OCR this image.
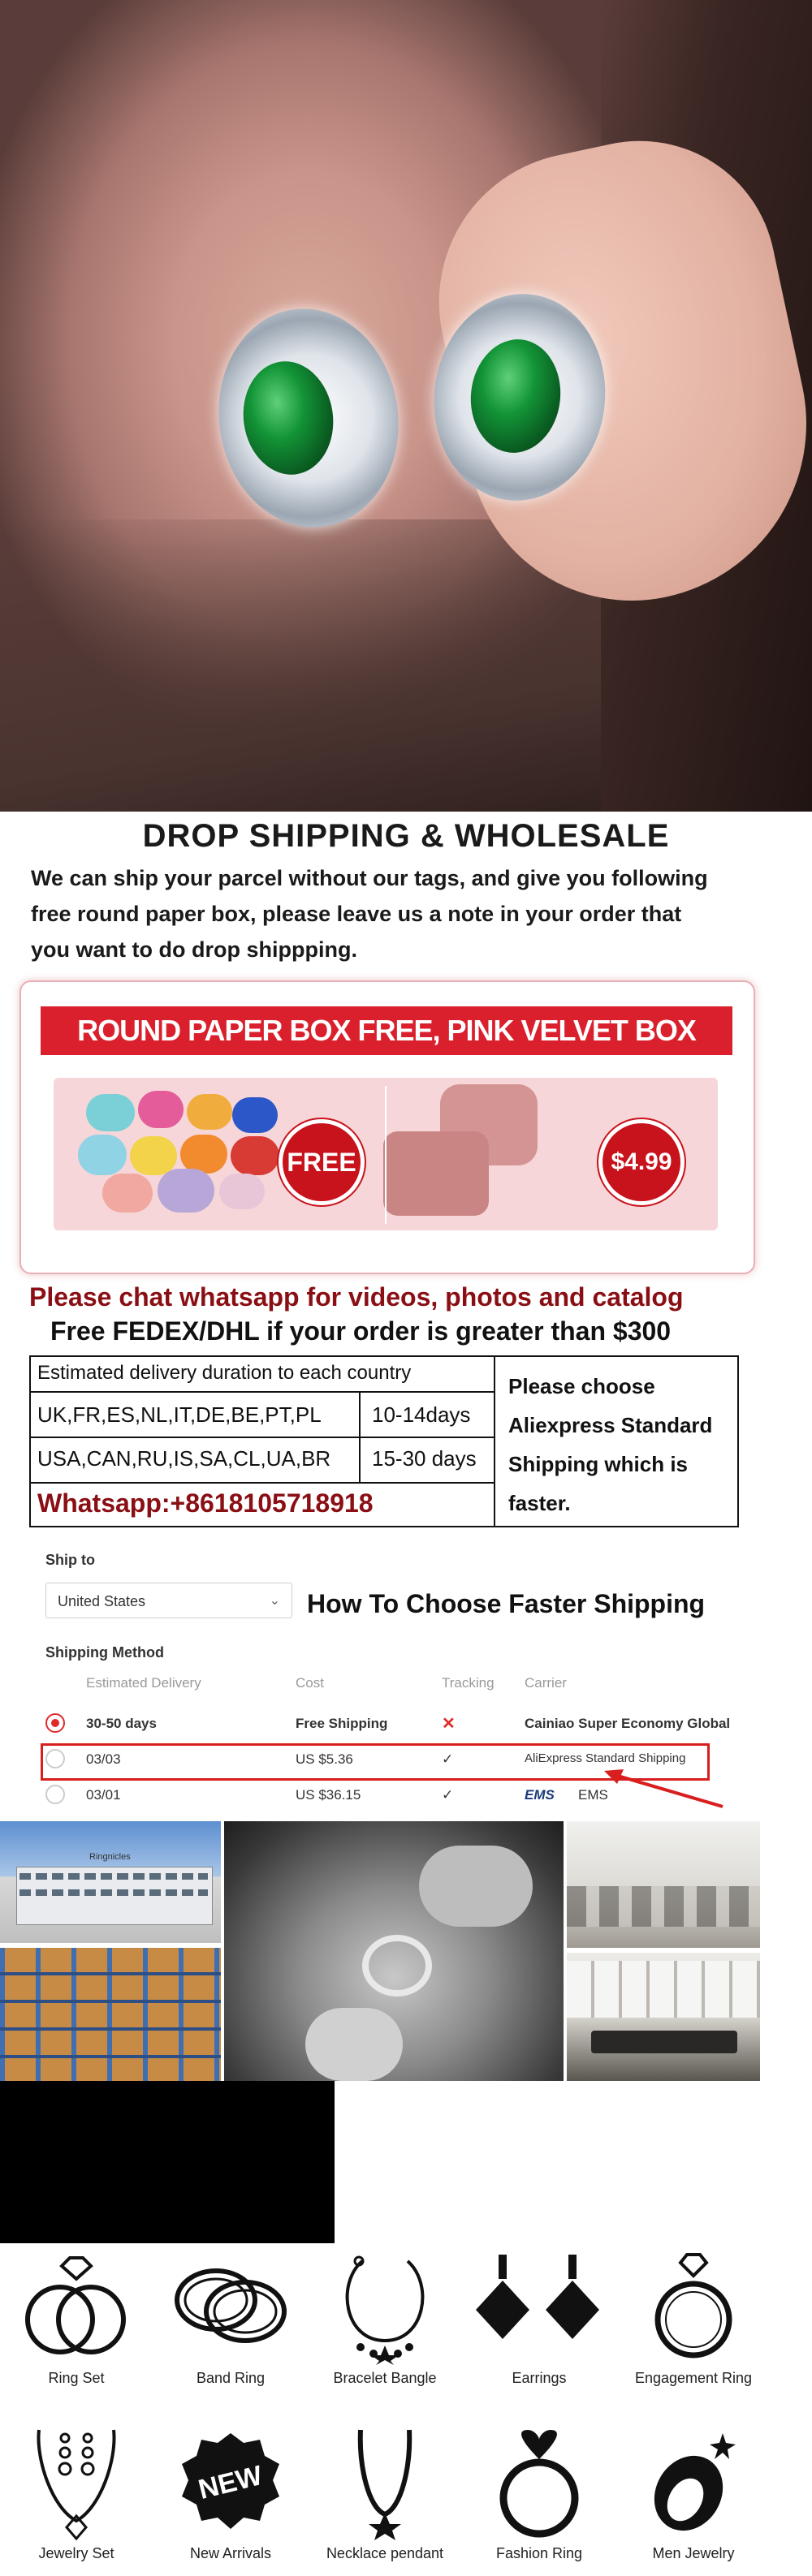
DROP SHIPPING & WHOLESALE
We can ship your parcel without our tags, and give you following
free round paper box, please leave us a note in your order that
you want to do drop shippping.
ROUND PAPER BOX FREE, PINK VELVET BOX
FREE	$4.99
Please chat whatsapp for videos, photos and catalog
Free FEDEX/DHL if your order is greater than $300
Estimated delivery duration to each country
UK,FR,ES,NL,IT,DE,BE,PT,PL 10-14days
USA,CAN,RU,IS,SA,CL,UA,BR 15-30 days
Whatsapp:+8618105718918
Please choose
Aliexpress Standard
Shipping which is
faster.
Ship to
United States	⌄ How To Choose Faster Shipping
Shipping Method
Estimated Delivery	Cost	Tracking Carrier
30-50 days	Free Shipping	✕	Cainiao Super Economy Global
03/03	US $5.36	✓	AliExpress Standard Shipping
03/01	US $36.15	✓	EMS EMS
Ringnicles
Ring Set	Band Ring	Bracelet Bangle	Earrings	Engagement Ring
Jewelry Set
NEW
New Arrivals	Necklace pendant	Fashion Ring	Men Jewelry
